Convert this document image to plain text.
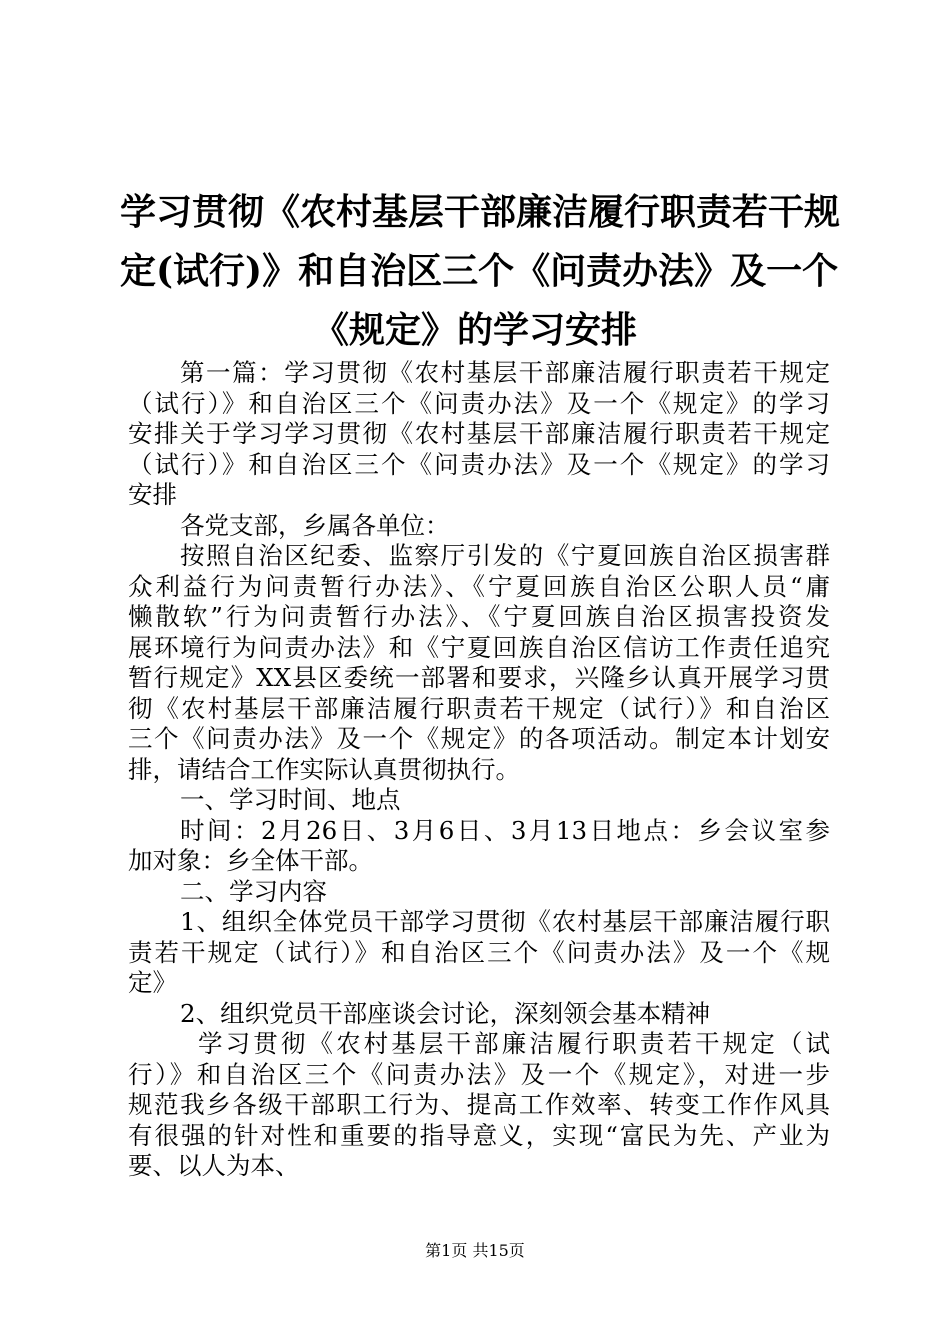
学习贯彻《农村基层干部廉洁履行职责若干规
定(试行)》和自治区三个《问责办法》及一个
《规定》的学习安排
第一篇：学习贯彻《农村基层干部廉洁履行职责若干规定
（试行）》和自治区三个《问责办法》及一个《规定》的学习
安排关于学习学习贯彻《农村基层干部廉洁履行职责若干规定
（试行）》和自治区三个《问责办法》及一个《规定》的学习
安排
各党支部，乡属各单位：
按照自治区纪委、监察厅引发的《宁夏回族自治区损害群
众利益行为问责暂行办法》、《宁夏回族自治区公职人员“庸
懒散软”行为问责暂行办法》、《宁夏回族自治区损害投资发
展环境行为问责办法》和《宁夏回族自治区信访工作责任追究
暂行规定》XX县区委统一部署和要求，兴隆乡认真开展学习贯
彻《农村基层干部廉洁履行职责若干规定（试行）》和自治区
三个《问责办法》及一个《规定》的各项活动。制定本计划安
排，请结合工作实际认真贯彻执行。
一、学习时间、地点
时间：2月26日、3月6日、3月13日地点：乡会议室参
加对象：乡全体干部。
二、学习内容
1、组织全体党员干部学习贯彻《农村基层干部廉洁履行职
责若干规定（试行）》和自治区三个《问责办法》及一个《规
定》
2、组织党员干部座谈会讨论，深刻领会基本精神
学习贯彻《农村基层干部廉洁履行职责若干规定（试
行）》和自治区三个《问责办法》及一个《规定》，对进一步
规范我乡各级干部职工行为、提高工作效率、转变工作作风具
有很强的针对性和重要的指导意义，实现“富民为先、产业为
要、以人为本、
第1页 共15页
